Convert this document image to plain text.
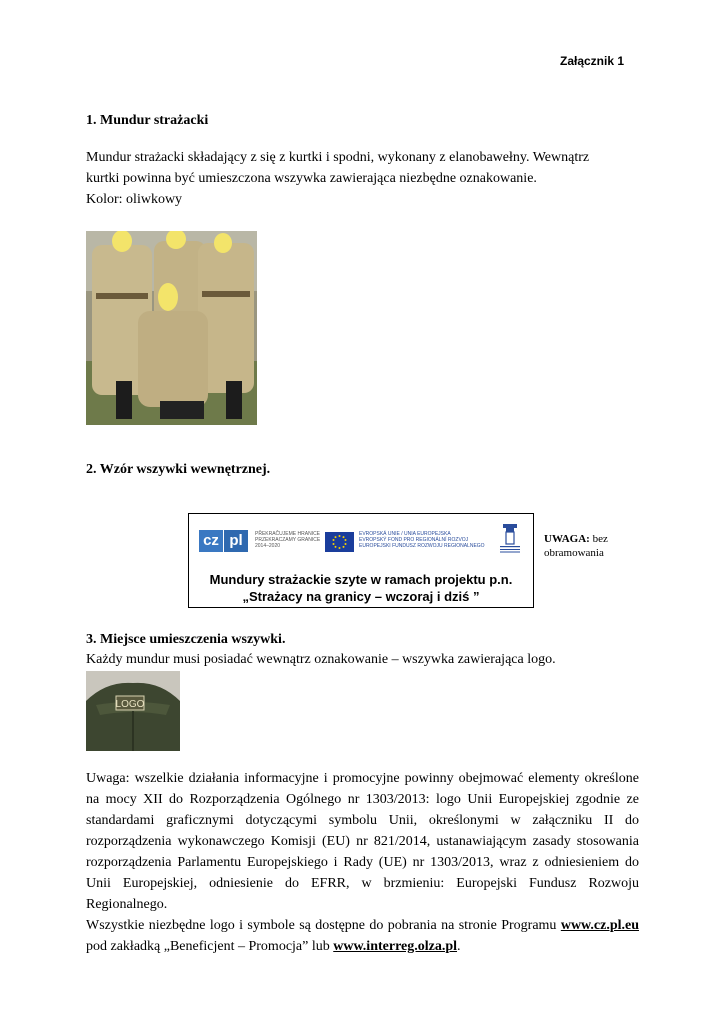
Załącznik 1
1. Mundur strażacki
Mundur strażacki składający z się z kurtki i spodni, wykonany z elanobawełny. Wewnątrz
kurtki powinna być umieszczona wszywka zawierająca niezbędne oznakowanie.
Kolor: oliwkowy
2. Wzór wszywki wewnętrznej.
cz pl	PŘEKRAČUJEME HRANICE
PRZEKRACZAMY GRANICE
2014–2020
EVROPSKÁ UNIE / UNIA EUROPEJSKA
EVROPSKÝ FOND PRO REGIONÁLNÍ ROZVOJ
EUROPEJSKI FUNDUSZ ROZWOJU REGIONALNEGO
Mundury strażackie szyte w ramach projektu p.n.
„Strażacy na granicy – wczoraj i dziś ”
UWAGA: bez obramowania
3. Miejsce umieszczenia wszywki.
Każdy mundur musi posiadać wewnątrz oznakowanie – wszywka zawierająca logo.
LOGO
Uwaga: wszelkie działania informacyjne i promocyjne powinny obejmować elementy określone na mocy XII do Rozporządzenia Ogólnego nr 1303/2013: logo Unii Europejskiej zgodnie ze standardami graficznymi dotyczącymi symbolu Unii, określonymi w załączniku II do rozporządzenia wykonawczego Komisji (EU) nr 821/2014, ustanawiającym zasady stosowania rozporządzenia Parlamentu Europejskiego i Rady (UE) nr 1303/2013, wraz z odniesieniem do Unii Europejskiej, odniesienie do EFRR, w brzmieniu: Europejski Fundusz Rozwoju Regionalnego.
Wszystkie niezbędne logo i symbole są dostępne do pobrania na stronie Programu www.cz.pl.eu pod zakładką „Beneficjent – Promocja” lub www.interreg.olza.pl.
